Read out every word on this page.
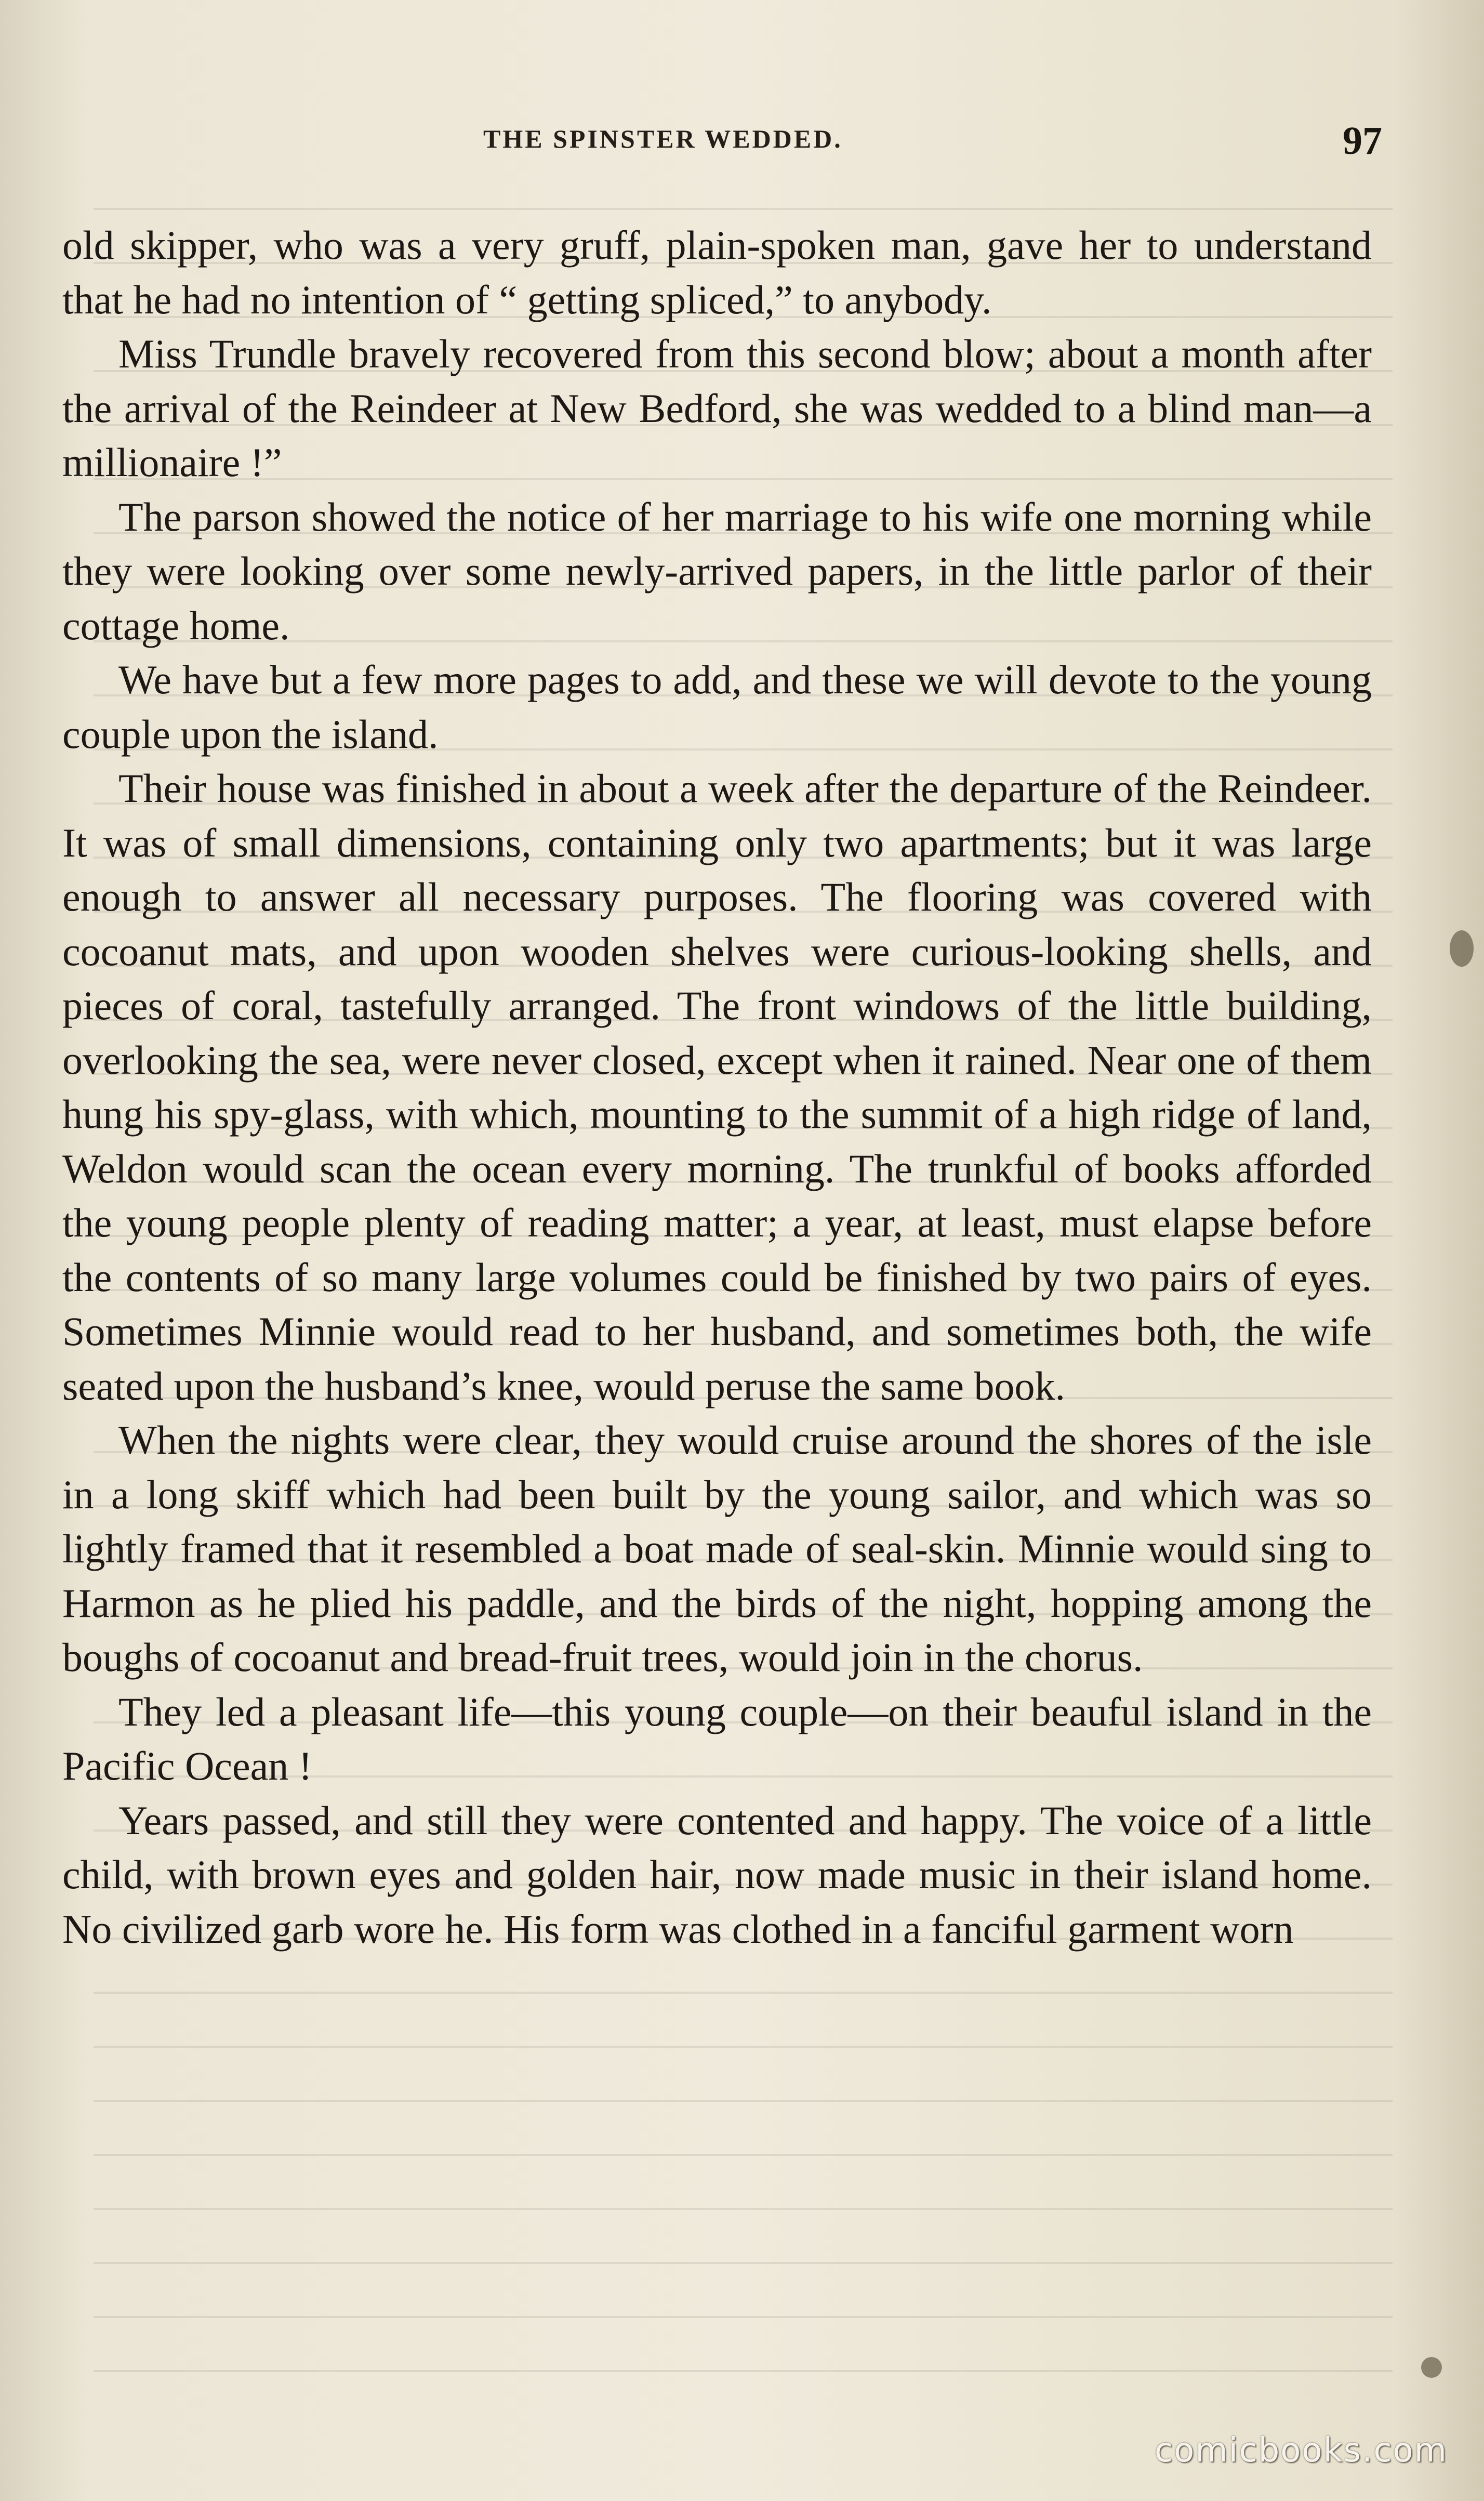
THE SPINSTER WEDDED.	97

old skipper, who was a very gruff, plain-spoken man, gave her to understand that he had no intention of “ getting spliced,” to anybody.

Miss Trundle bravely recovered from this second blow; about a month after the arrival of the Reindeer at New Bedford, she was wedded to a blind man—a millionaire !”

The parson showed the notice of her marriage to his wife one morning while they were looking over some newly-arrived papers, in the little parlor of their cottage home.

We have but a few more pages to add, and these we will devote to the young couple upon the island.

Their house was finished in about a week after the departure of the Reindeer. It was of small dimensions, containing only two apartments; but it was large enough to answer all necessary purposes. The flooring was covered with cocoanut mats, and upon wooden shelves were curious-looking shells, and pieces of coral, tastefully arranged. The front windows of the little building, overlooking the sea, were never closed, except when it rained. Near one of them hung his spy-glass, with which, mounting to the summit of a high ridge of land, Weldon would scan the ocean every morning. The trunkful of books afforded the young people plenty of reading matter; a year, at least, must elapse before the contents of so many large volumes could be finished by two pairs of eyes. Sometimes Minnie would read to her husband, and sometimes both, the wife seated upon the husband’s knee, would peruse the same book.

When the nights were clear, they would cruise around the shores of the isle in a long skiff which had been built by the young sailor, and which was so lightly framed that it resembled a boat made of seal-skin. Minnie would sing to Harmon as he plied his paddle, and the birds of the night, hopping among the boughs of cocoanut and bread-fruit trees, would join in the chorus.

They led a pleasant life—this young couple—on their beauful island in the Pacific Ocean !

Years passed, and still they were contented and happy. The voice of a little child, with brown eyes and golden hair, now made music in their island home. No civilized garb wore he. His form was clothed in a fanciful garment worn

comicbooks.com
